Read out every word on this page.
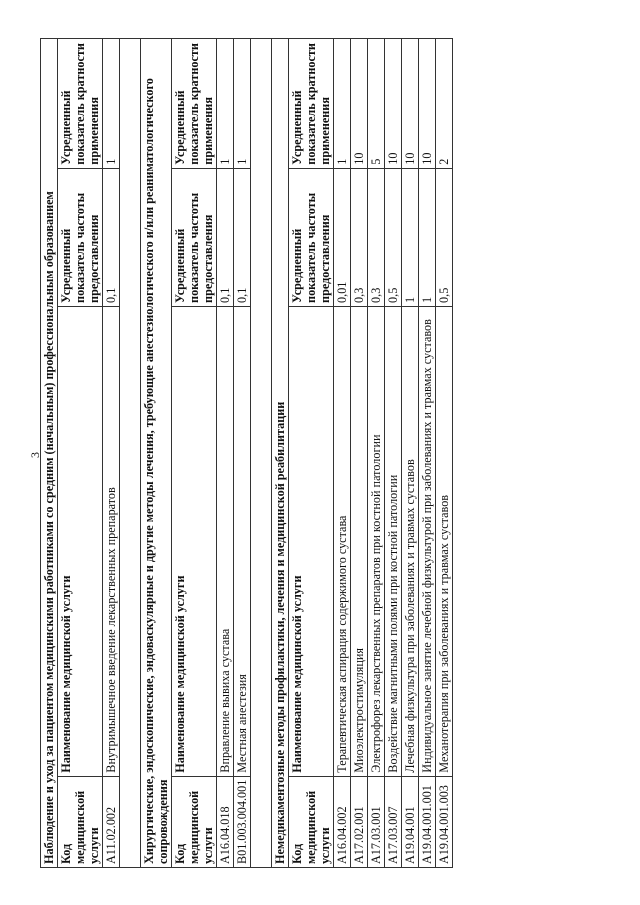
3 Наблюдение и уход за пациентом медицинскими работниками со средним (начальным) профессиональным образованием			
Код медицинской услуги	Наименование медицинской услуги	Усредненный показатель частоты предоставления	Усредненный показатель кратности применения
A11.02.002	Внутримышечное введение лекарственных препаратов	0,1	1

Хирургические, эндоскопические, эндоваскулярные и другие методы лечения, требующие анестезиологического и/или реаниматологического сопровождения			
Код медицинской услуги	Наименование медицинской услуги	Усредненный показатель частоты предоставления	Усредненный показатель кратности применения
A16.04.018	Вправление вывиха сустава	0,1	1
B01.003.004.001	Местная анестезия	0,1	1

Немедикаментозные методы профилактики, лечения и медицинской реабилитации			
Код медицинской услуги	Наименование медицинской услуги	Усредненный показатель частоты предоставления	Усредненный показатель кратности применения
A16.04.002	Терапевтическая аспирация содержимого сустава	0,01	1
A17.02.001	Миоэлектростимуляция	0,3	10
A17.03.001	Электрофорез лекарственных препаратов при костной патологии	0,3	5
A17.03.007	Воздействие магнитными полями при костной патологии	0,5	10
A19.04.001	Лечебная физкультура при заболеваниях и травмах суставов	1	10
A19.04.001.001	Индивидуальное занятие лечебной физкультурой при заболеваниях и травмах суставов	1	10
A19.04.001.003	Механотерапия при заболеваниях и травмах суставов	0,5	2
